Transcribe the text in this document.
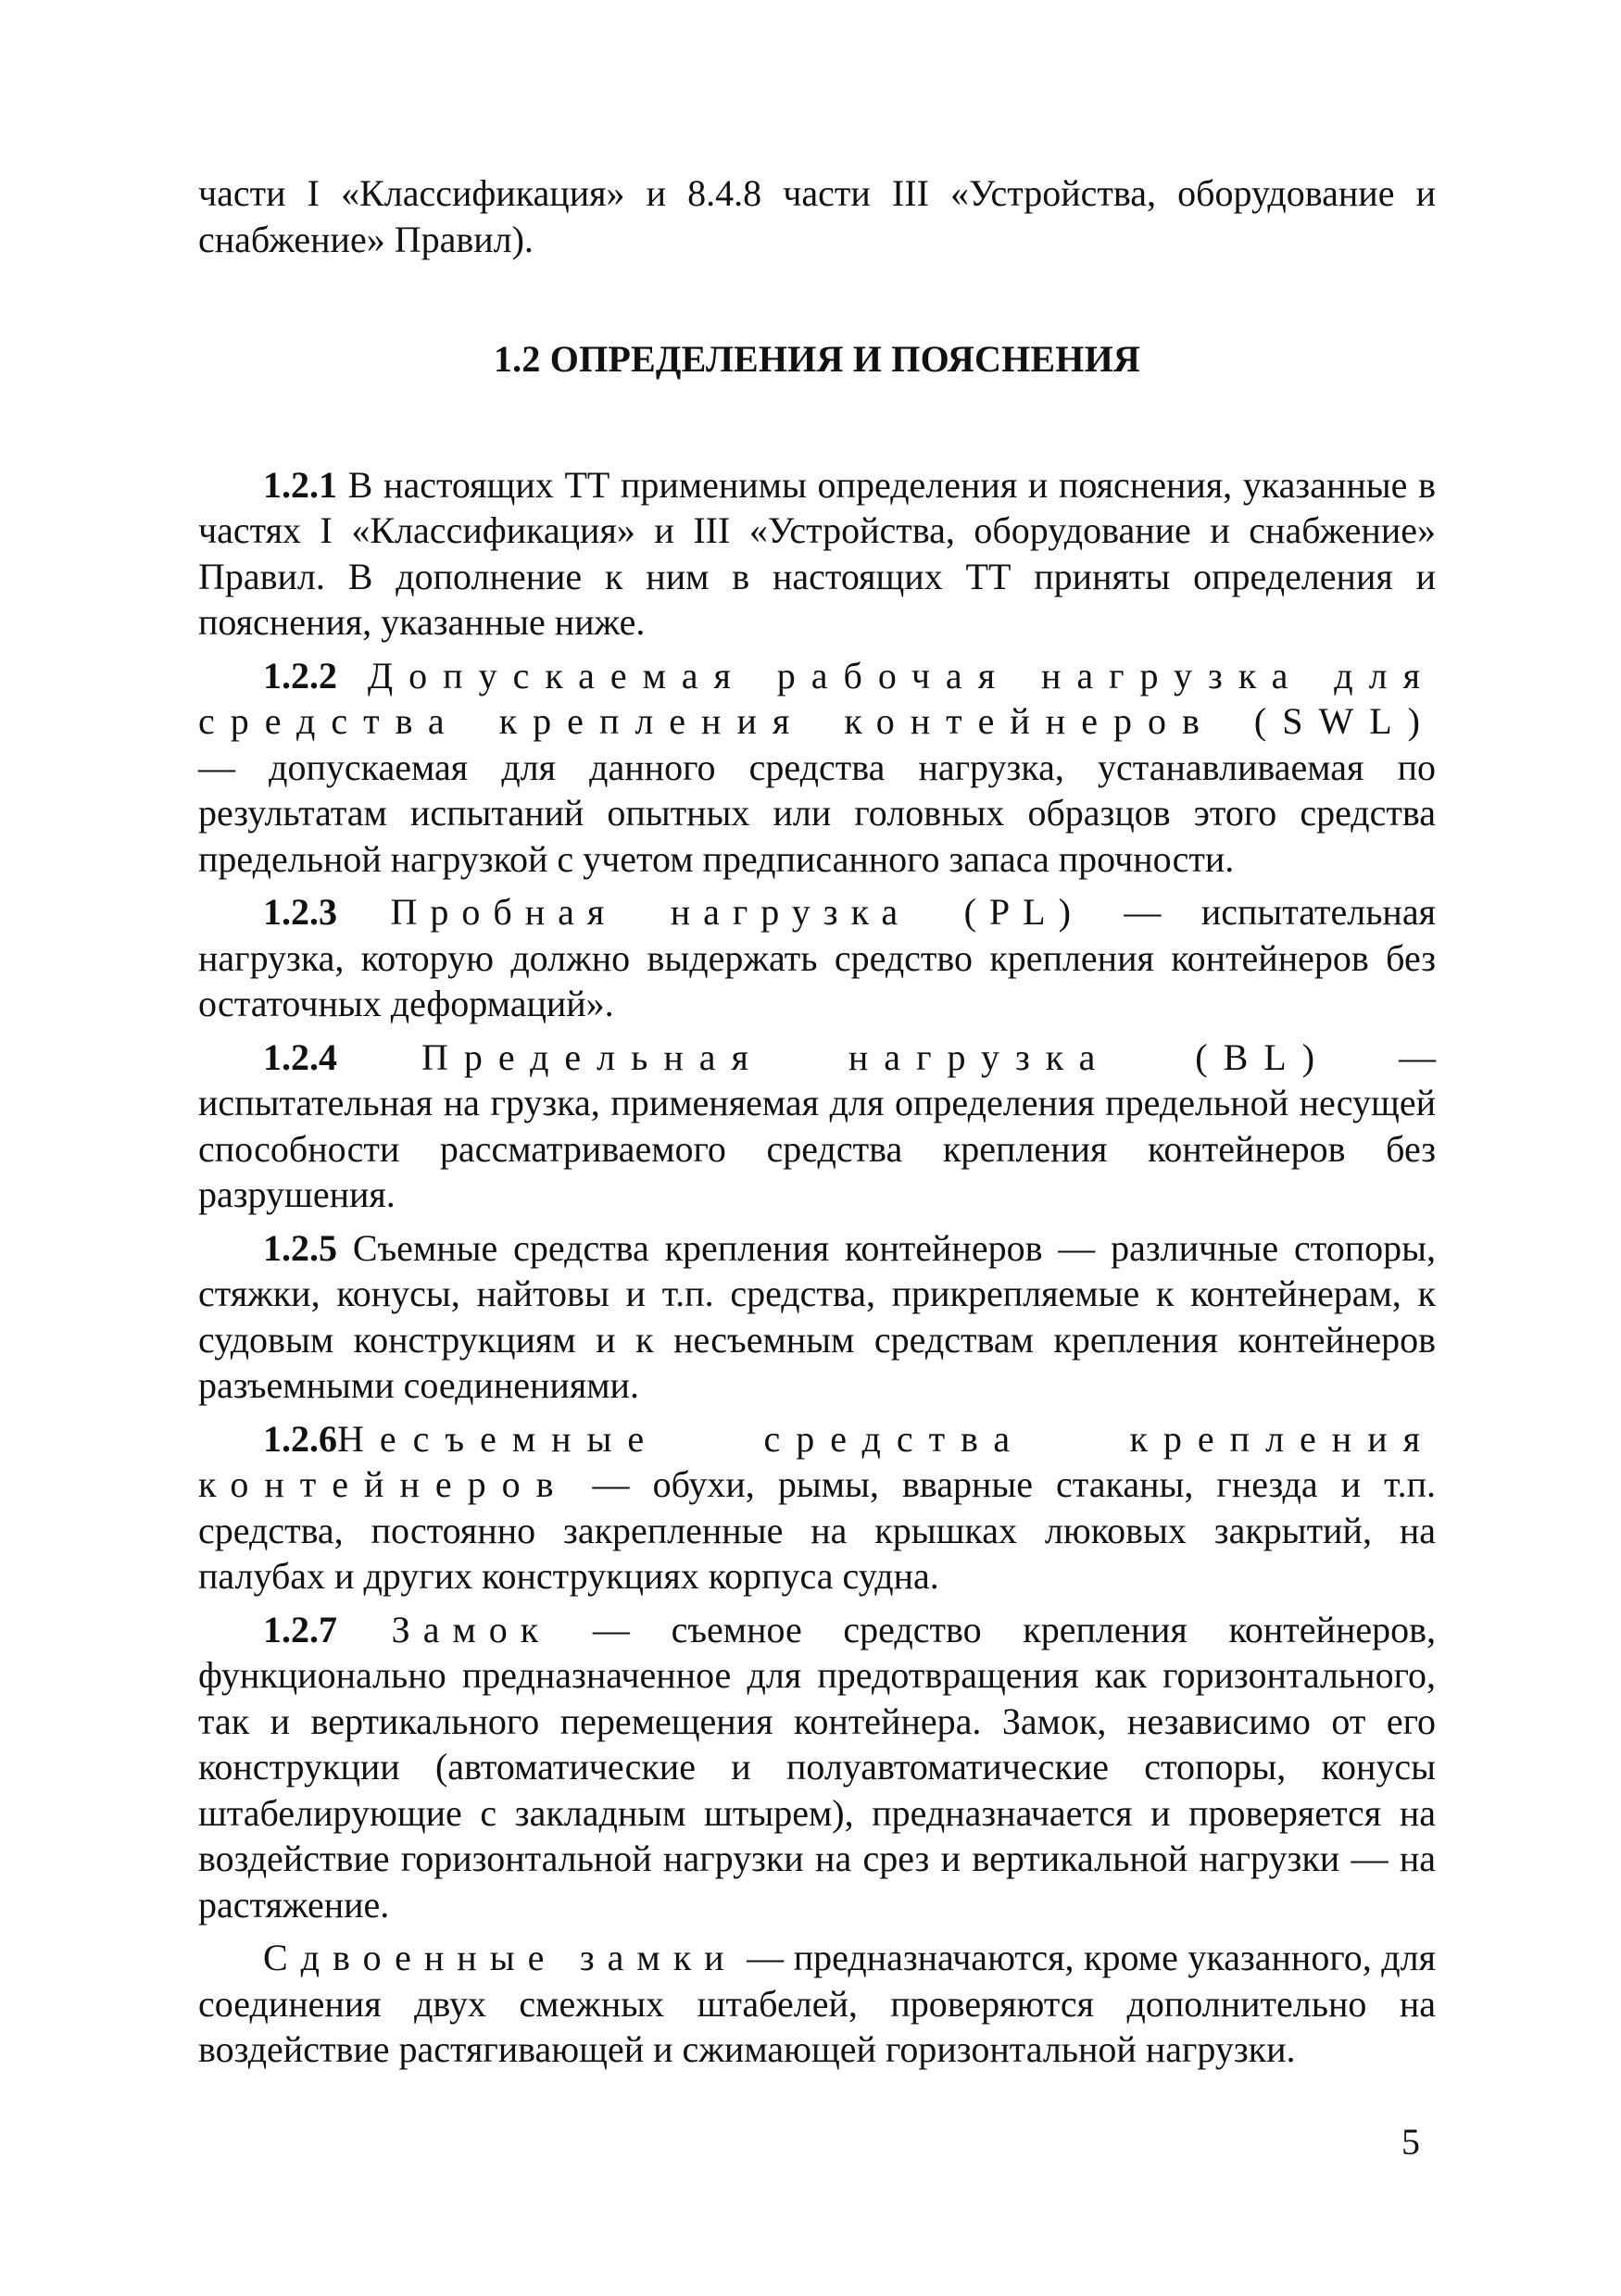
части I «Классификация» и 8.4.8 части III «Устройства, оборудование и снабжение» Правил).

1.2 ОПРЕДЕЛЕНИЯ И ПОЯСНЕНИЯ

1.2.1 В настоящих ТТ применимы определения и пояснения, указанные в частях I «Классификация» и III «Устройства, оборудование и снабжение» Правил. В дополнение к ним в настоящих ТТ приняты определения и пояснения, указанные ниже.

1.2.2 Допускаемая рабочая нагрузка для средства крепления контейнеров (SWL) — допускаемая для данного средства нагрузка, устанавливаемая по результатам испытаний опытных или головных образцов этого средства предельной нагрузкой с учетом предписанного запаса прочности.

1.2.3 Пробная нагрузка (PL) — испытательная нагрузка, которую должно выдержать средство крепления контейнеров без остаточных деформаций».

1.2.4 Предельная нагрузка (BL) — испытательная на грузка, применяемая для определения предельной несущей способности рассматриваемого средства крепления контейнеров без разрушения.

1.2.5 Съемные средства крепления контейнеров — различные стопоры, стяжки, конусы, найтовы и т.п. средства, прикрепляемые к контейнерам, к судовым конструкциям и к несъемным средствам крепления контейнеров разъемными соединениями.

1.2.6Несъемные средства крепления контейнеров — обухи, рымы, вварные стаканы, гнезда и т.п. средства, постоянно закрепленные на крышках люковых закрытий, на палубах и других конструкциях корпуса судна.

1.2.7 Замок — съемное средство крепления контейнеров, функционально предназначенное для предотвращения как горизонтального, так и вертикального перемещения контейнера. Замок, независимо от его конструкции (автоматические и полуавтоматические стопоры, конусы штабелирующие с закладным штырем), предназначается и проверяется на воздействие горизонтальной нагрузки на срез и вертикальной нагрузки — на растяжение.

Сдвоенные замки — предназначаются, кроме указанного, для соединения двух смежных штабелей, проверяются дополнительно на воздействие растягивающей и сжимающей горизонтальной нагрузки.

5
